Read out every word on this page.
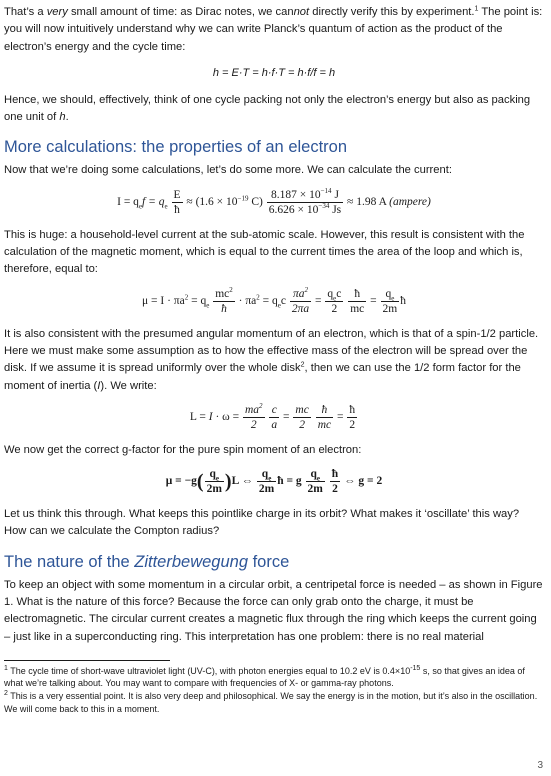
That’s a very small amount of time: as Dirac notes, we cannot directly verify this by experiment.$^1$ The point is: you will now intuitively understand why we can write Planck’s quantum of action as the product of the electron’s energy and the cycle time:

h = E·T = h·f·T = h·f/f = h

Hence, we should, effectively, think of one cycle packing not only the electron’s energy but also as packing one unit of h.

More calculations: the properties of an electron

Now that we’re doing some calculations, let’s do some more. We can calculate the current:

$I = q_ef = q_e \frac{E}{ħ} \approx (1.6 \times 10^{-19}$ $C) \frac{8.187 \times 10^{-14} J}{6.626 \times 10^{-34} Js} \approx 1.98$ A (ampere)

This is huge: a household-level current at the sub-atomic scale. However, this result is consistent with the calculation of the magnetic moment, which is equal to the current times the area of the loop and which is, therefore, equal to:

$\mu = I \cdot \pi a^2 = q_e \frac{mc^2}{ħ} \cdot \pi a^2 = q_ec \frac{\pi a^2}{2\pi a} = \frac{q_ec}{2}$
$\frac{ħ}{mc} = \frac{q_e}{2m}$ ħ

It is also consistent with the presumed angular momentum of an electron, which is that of a spin-1/2 particle. Here we must make some assumption as to how the effective mass of the electron will be spread over the disk. If we assume it is spread uniformly over the whole disk$^2$, then we can use the 1/2 form factor for the moment of inertia (I). We write:

$L = I \cdot \omega = \frac{ma^2}{2}$
$\frac{c}{a} = \frac{mc}{2}$
$\frac{ħ}{mc} = \frac{ħ}{2}$

We now get the correct g-factor for the pure spin moment of an electron:

$\mu = -g( \frac{q_e}{2m} )L$ ⇔ $\frac{q_e}{2m}$ ħ = g $\frac{q_e}{2m}$
$\frac{ħ}{2}$ ⇔ g = 2

Let us think this through. What keeps this pointlike charge in its orbit? What makes it ‘oscillate’ this way? How can we calculate the Compton radius?

The nature of the Zitterbewegung force

To keep an object with some momentum in a circular orbit, a centripetal force is needed – as shown in Figure 1. What is the nature of this force? Because the force can only grab onto the charge, it must be electromagnetic. The circular current creates a magnetic flux through the ring which keeps the current going – just like in a superconducting ring. This interpretation has one problem: there is no real material

$^1$ The cycle time of short-wave ultraviolet light (UV-C), with photon energies equal to 10.2 eV is $0.4\times 10^{-15}$ s, so that gives an idea of what we’re talking about. You may want to compare with frequencies of X- or gamma-ray photons.
$^2$ This is a very essential point. It is also very deep and philosophical. We say the energy is in the motion, but it’s also in the oscillation. We will come back to this in a moment.
3
